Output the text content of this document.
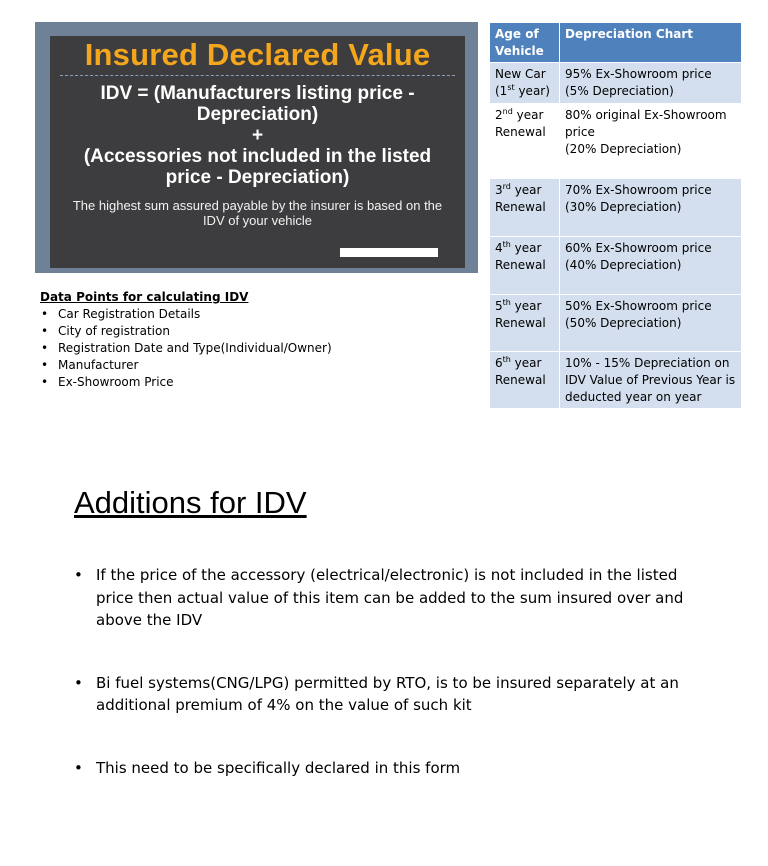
Insured Declared Value
IDV = (Manufacturers listing price -
Depreciation)
+
(Accessories not included in the listed
price - Depreciation)
The highest sum assured payable by the insurer is based on the IDV of your vehicle
Data Points for calculating IDV
• Car Registration Details
• City of registration
• Registration Date and Type(Individual/Owner)
• Manufacturer
• Ex-Showroom Price
Age of Vehicle	Depreciation Chart
New Car (1st year)	95% Ex-Showroom price
(5% Depreciation)

2nd year Renewal	80% original Ex-Showroom price
(20% Depreciation)

3rd year Renewal	70% Ex-Showroom price
(30% Depreciation)

4th year Renewal	60% Ex-Showroom price
(40% Depreciation)

5th year Renewal	50% Ex-Showroom price
(50% Depreciation)

6th year Renewal	10% - 15% Depreciation on IDV Value of Previous Year is deducted year on year
Additions for IDV
• If the price of the accessory (electrical/electronic) is not included in the listed price then actual value of this item can be added to the sum insured over and above the IDV
• Bi fuel systems(CNG/LPG) permitted by RTO, is to be insured separately at an additional premium of 4% on the value of such kit
• This need to be specifically declared in this form
